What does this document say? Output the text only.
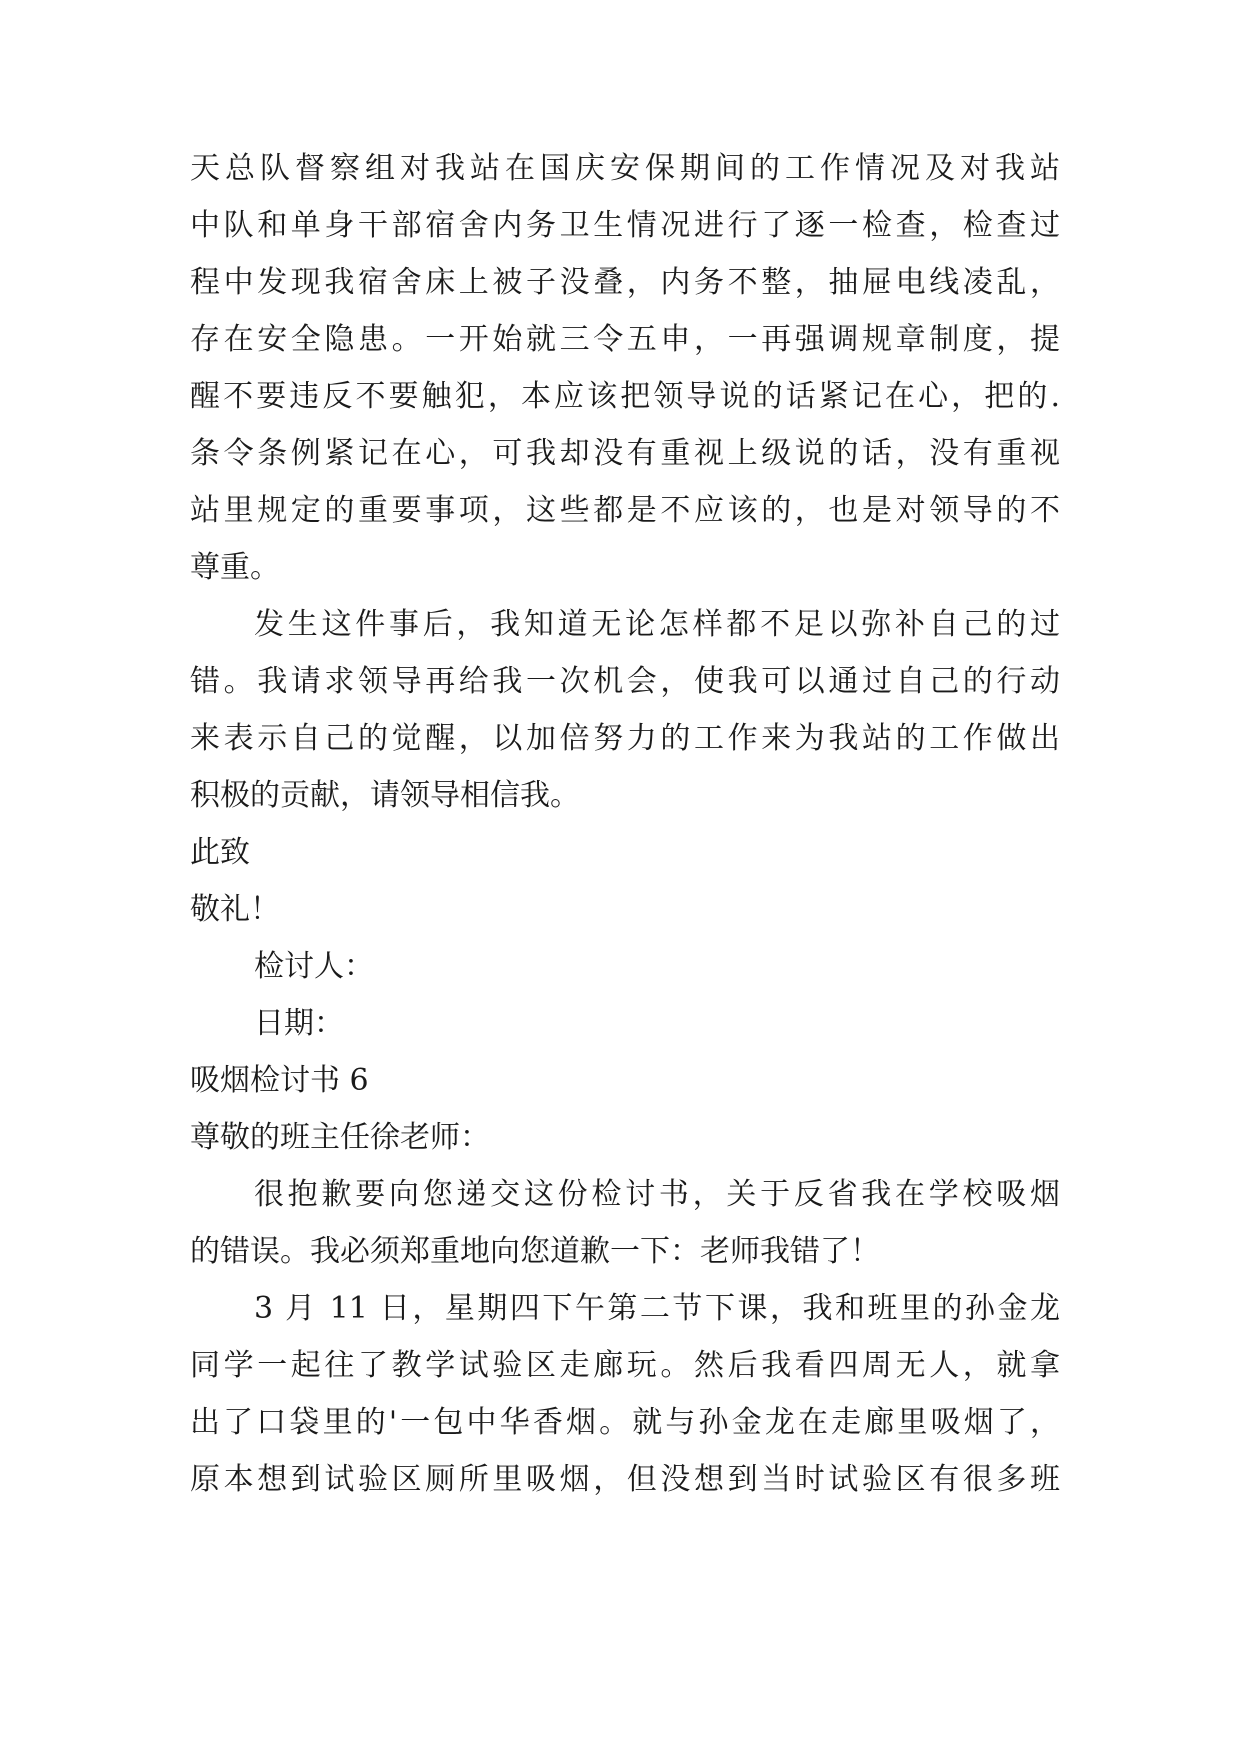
天总队督察组对我站在国庆安保期间的工作情况及对我站
中队和单身干部宿舍内务卫生情况进行了逐一检查，检查过
程中发现我宿舍床上被子没叠，内务不整，抽屉电线凌乱，
存在安全隐患。一开始就三令五申，一再强调规章制度，提
醒不要违反不要触犯，本应该把领导说的话紧记在心，把的.
条令条例紧记在心，可我却没有重视上级说的话，没有重视
站里规定的重要事项，这些都是不应该的，也是对领导的不
尊重。
发生这件事后，我知道无论怎样都不足以弥补自己的过
错。我请求领导再给我一次机会，使我可以通过自己的行动
来表示自己的觉醒，以加倍努力的工作来为我站的工作做出
积极的贡献，请领导相信我。
此致
敬礼！
检讨人：
日期：
吸烟检讨书 6
尊敬的班主任徐老师：
很抱歉要向您递交这份检讨书，关于反省我在学校吸烟
的错误。我必须郑重地向您道歉一下：老师我错了！
3 月 11 日，星期四下午第二节下课，我和班里的孙金龙
同学一起往了教学试验区走廊玩。然后我看四周无人，就拿
出了口袋里的'一包中华香烟。就与孙金龙在走廊里吸烟了，
原本想到试验区厕所里吸烟，但没想到当时试验区有很多班
